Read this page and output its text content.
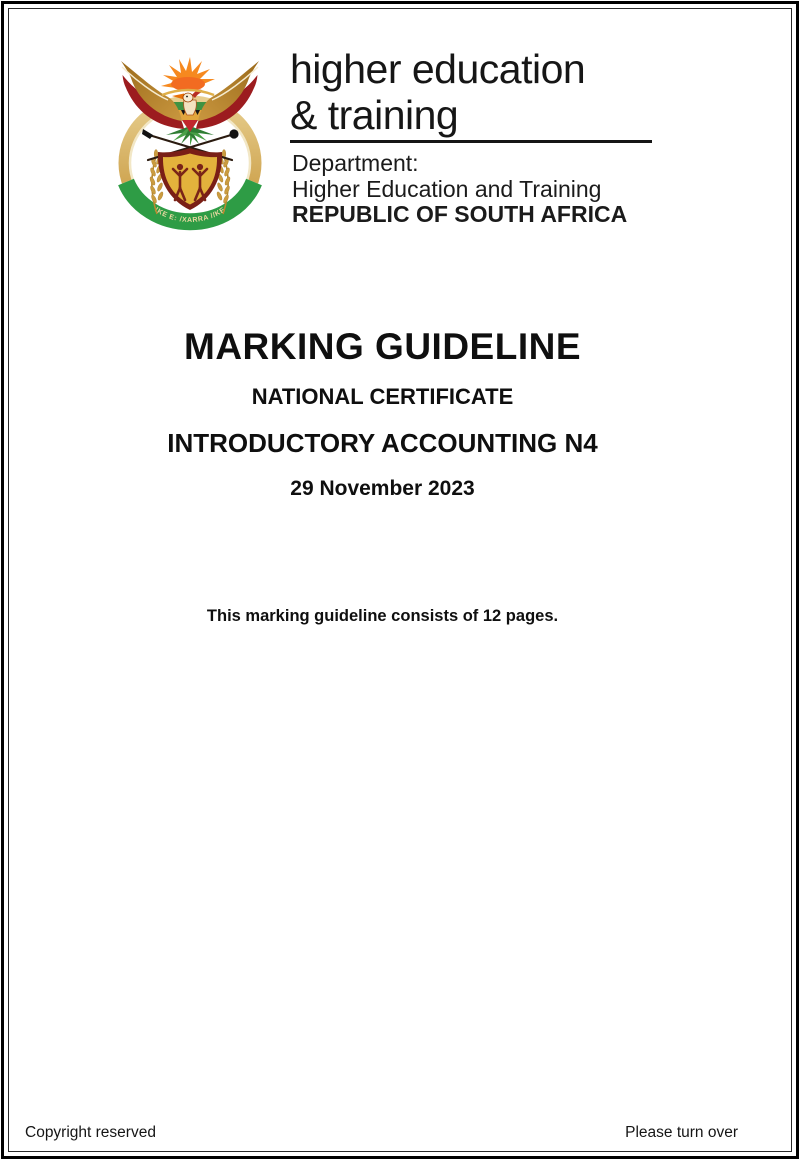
!KE E: /XARRA //KE
higher education
& training
Department:
Higher Education and Training
REPUBLIC OF SOUTH AFRICA
MARKING GUIDELINE
NATIONAL CERTIFICATE
INTRODUCTORY ACCOUNTING N4
29 November 2023
This marking guideline consists of 12 pages.
Copyright reserved	Please turn over
